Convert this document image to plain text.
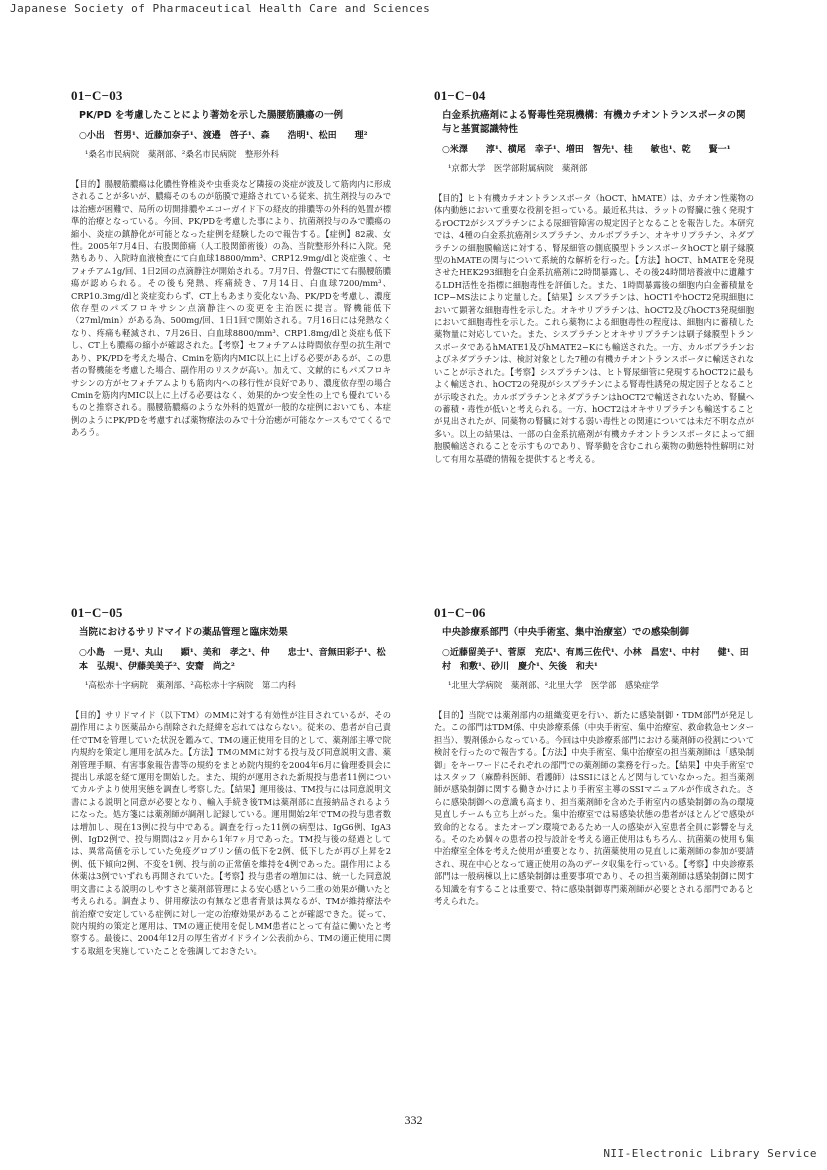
Japanese Society of Pharmaceutical Health Care and Sciences
01−C−03
PK/PD を考慮したことにより著効を示した腸腰筋膿瘍の一例
○小出　哲男¹、近藤加奈子¹、渡邉　啓子¹、森　　浩明¹、松田　　理²
¹桑名市民病院　薬剤部、²桑名市民病院　整形外科

【目的】腸腰筋膿瘍は化膿性脊椎炎や虫垂炎など隣接の炎症が波及して筋肉内に形成されることが多いが、膿瘍そのものが筋膜で連絡されている従来、抗生剤投与のみでは治癒が困難で、局所の切開排膿やエコーガイド下の経皮的排膿等の外科的処置が標準的治療となっている。今回、PK/PDを考慮した事により、抗菌剤投与のみで膿瘍の縮小、炎症の鎮静化が可能となった症例を経験したので報告する。【症例】82歳、女性。2005年7月4日、右股関節痛（人工股関節術後）の為、当院整形外科に入院。発熱もあり、入院時血液検査にて白血球18800/mm³、CRP12.9mg/dlと炎症強く、セフォチアム1g/回、1日2回の点滴静注が開始される。7月7日、骨盤CTにて右腸腰筋膿瘍が認められる。その後も発熱、疼痛続き、7月14日、白血球7200/mm³、CRP10.3mg/dlと炎症変わらず、CT上もあまり変化ない為、PK/PDを考慮し、濃度依存型のパズフロキサシン点滴静注への変更を主治医に提言。腎機能低下（27ml/min）がある為、500mg/回、1日1回で開始される。7月16日には発熱なくなり、疼痛も軽減され、7月26日、白血球8800/mm³、CRP1.8mg/dlと炎症も低下し、CT上も膿瘍の縮小が確認された。【考察】セフォチアムは時間依存型の抗生剤であり、PK/PDを考えた場合、Cminを筋肉内MIC以上に上げる必要があるが、この患者の腎機能を考慮した場合、副作用のリスクが高い。加えて、文献的にもパズフロキサシンの方がセフォチアムよりも筋肉内への移行性が良好であり、濃度依存型の場合Cminを筋肉内MIC以上に上げる必要はなく、効果的かつ安全性の上でも優れているものと推察される。腸腰筋膿瘍のような外科的処置が一般的な症例においても、本症例のようにPK/PDを考慮すれば薬物療法のみで十分治癒が可能なケースもでてくるであろう。

01−C−04
白金系抗癌剤による腎毒性発現機構：有機カチオントランスポータの関与と基質認識特性
○米澤　　淳¹、横尾　幸子¹、増田　智先¹、桂　　敏也¹、乾　　賢一¹
¹京都大学　医学部附属病院　薬剤部

【目的】ヒト有機カチオントランスポータ（hOCT、hMATE）は、カチオン性薬物の体内動態において重要な役割を担っている。最近私共は、ラットの腎臓に強く発現するrOCT2がシスプラチンによる尿細管障害の規定因子となることを報告した。本研究では、4種の白金系抗癌剤シスプラチン、カルボプラチン、オキサリプラチン、ネダプラチンの細胞膜輸送に対する、腎尿細管の側底膜型トランスポータhOCTと刷子縁膜型のhMATEの関与について系統的な解析を行った。【方法】hOCT、hMATEを発現させたHEK293細胞を白金系抗癌剤に2時間暴露し、その後24時間培養液中に遺離するLDH活性を指標に細胞毒性を評価した。また、1時間暴露後の細胞内白金蓄積量をICP−MS法により定量した。【結果】シスプラチンは、hOCT1やhOCT2発現細胞において顕著な細胞毒性を示した。オキサリプラチンは、hOCT2及びhOCT3発現細胞において細胞毒性を示した。これら薬物による細胞毒性の程度は、細胞内に蓄積した薬物量に対応していた。また、シスプラチンとオキサリプラチンは刷子縁膜型トランスポータであるhMATE1及びhMATE2−Kにも輸送された。一方、カルボプラチンおよびネダプラチンは、検討対象とした7種の有機カチオントランスポータに輸送されないことが示された。【考察】シスプラチンは、ヒト腎尿細管に発現するhOCT2に最もよく輸送され、hOCT2の発現がシスプラチンによる腎毒性誘発の規定因子となることが示唆された。カルボプラチンとネダプラチンはhOCT2で輸送されないため、腎臓への蓄積・毒性が低いと考えられる。一方、hOCT2はオキサリプラチンも輸送することが見出されたが、同薬物の腎臓に対する弱い毒性との関連については未だ不明な点が多い。以上の結果は、一部の白金系抗癌剤が有機カチオントランスポータによって細胞膜輸送されることを示すものであり、腎挙動を含むこれら薬物の動態特性解明に対して有用な基礎的情報を提供すると考える。

01−C−05
当院におけるサリドマイドの薬品管理と臨床効果
○小島　一見¹、丸山　　顕¹、美和　孝之¹、仲　　忠士¹、音無田彩子¹、松本　弘規¹、伊藤美美子²、安齋　尚之²
¹高松赤十字病院　薬剤部、²高松赤十字病院　第二内科

【目的】サリドマイド（以下TM）のMMに対する有効性が注目されているが、その副作用により医薬品から削除された経緯を忘れてはならない。従来の、患者が自己責任でTMを管理していた状況を鑑みて、TMの適正使用を目的として、薬剤部主導で院内規約を策定し運用を試みた。【方法】TMのMMに対する投与及び同意説明文書、薬剤管理手順、有害事象報告書等の規約をまとめ院内規約を2004年6月に倫理委員会に提出し承認を経て運用を開始した。また、規約が運用された新規投与患者11例についてカルテより使用実態を調査し考察した。【結果】運用後は、TM投与には同意説明文書による説明と同意が必要となり、輸入手続き後TMは薬剤部に直接納品されるようになった。処方箋には薬剤師が調剤し記録している。運用開始2年でTMの投与患者数は増加し、現在13例に投与中である。調査を行った11例の病型は、IgG6例、IgA3例、IgD2例で、投与期間は2ヶ月から1年7ヶ月であった。TM投与後の経過としては、異常高値を示していた免疫グロブリン値の低下を2例、低下したが再び上昇を2例、低下傾向2例、不変を1例、投与前の正常値を維持を4例であった。副作用による休薬は3例でいずれも再開されていた。【考察】投与患者の増加には、統一した同意説明文書による説明のしやすさと薬剤部管理による安心感という二重の効果が働いたと考えられる。調査より、併用療法の有無など患者背景は異なるが、TMが維持療法や前治療で安定している症例に対し一定の治療効果があることが確認できた。従って、院内規約の策定と運用は、TMの適正使用を促しMM患者にとって有益に働いたと考察する。最後に、2004年12月の厚生省ガイドライン公表前から、TMの適正使用に関する取組を実施していたことを強調しておきたい。

01−C−06
中央診療系部門（中央手術室、集中治療室）での感染制御
○近藤留美子¹、菅原　充広¹、有馬三佐代¹、小林　昌宏¹、中村　　健¹、田村　和敷¹、砂川　慶介¹、矢後　和夫¹
¹北里大学病院　薬剤部、²北里大学　医学部　感染症学

【目的】当院では薬剤部内の組織変更を行い、新たに感染制御・TDM部門が発足した。この部門はTDM係、中央診療系係（中央手術室、集中治療室、救命救急センター担当）、製剤係からなっている。今回は中央診療系部門における薬剤師の役割について検討を行ったので報告する。【方法】中央手術室、集中治療室の担当薬剤師は「感染制御」をキーワードにそれぞれの部門での薬剤師の業務を行った。【結果】中央手術室ではスタッフ（麻酔科医師、看護師）はSSIにほとんど関与していなかった。担当薬剤師が感染制御に関する働きかけにより手術室主導のSSIマニュアルが作成された。さらに感染制御への意識も高まり、担当薬剤師を含めた手術室内の感染制御の為の環境見直しチームも立ち上がった。集中治療室では易感染状態の患者がほとんどで感染が致命的となる。またオープン環境であるため一人の感染が入室患者全員に影響を与える。そのため個々の患者の投与設計を考える適正使用はもちろん、抗菌薬の使用も集中治療室全体を考えた使用が重要となり、抗菌薬使用の見直しに薬剤師の参加が要請され、現在中心となって適正使用の為のデータ収集を行っている。【考察】中央診療系部門は一般病棟以上に感染制御は重要事項であり、その担当薬剤師は感染制御に関する知識を有することは重要で、特に感染制御専門薬剤師が必要とされる部門であると考えられた。

332
NII-Electronic Library Service
